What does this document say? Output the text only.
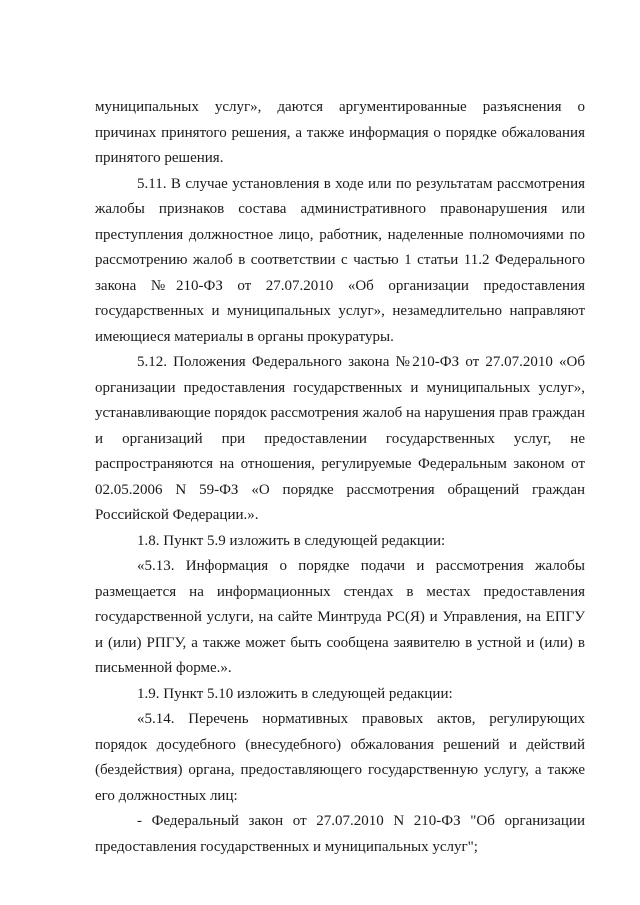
муниципальных услуг», даются аргументированные разъяснения о причинах принятого решения, а также информация о порядке обжалования принятого решения.

5.11. В случае установления в ходе или по результатам рассмотрения жалобы признаков состава административного правонарушения или преступления должностное лицо, работник, наделенные полномочиями по рассмотрению жалоб в соответствии с частью 1 статьи 11.2 Федерального закона №210-ФЗ от 27.07.2010 «Об организации предоставления государственных и муниципальных услуг», незамедлительно направляют имеющиеся материалы в органы прокуратуры.

5.12. Положения Федерального закона №210-ФЗ от 27.07.2010 «Об организации предоставления государственных и муниципальных услуг», устанавливающие порядок рассмотрения жалоб на нарушения прав граждан и организаций при предоставлении государственных услуг, не распространяются на отношения, регулируемые Федеральным законом от 02.05.2006 N 59-ФЗ «О порядке рассмотрения обращений граждан Российской Федерации.».

1.8. Пункт 5.9 изложить в следующей редакции:

«5.13. Информация о порядке подачи и рассмотрения жалобы размещается на информационных стендах в местах предоставления государственной услуги, на сайте Минтруда РС(Я) и Управления, на ЕПГУ и (или) РПГУ, а также может быть сообщена заявителю в устной и (или) в письменной форме.».

1.9. Пункт 5.10 изложить в следующей редакции:

«5.14. Перечень нормативных правовых актов, регулирующих порядок досудебного (внесудебного) обжалования решений и действий (бездействия) органа, предоставляющего государственную услугу, а также его должностных лиц:

- Федеральный закон от 27.07.2010 N 210-ФЗ "Об организации предоставления государственных и муниципальных услуг";
